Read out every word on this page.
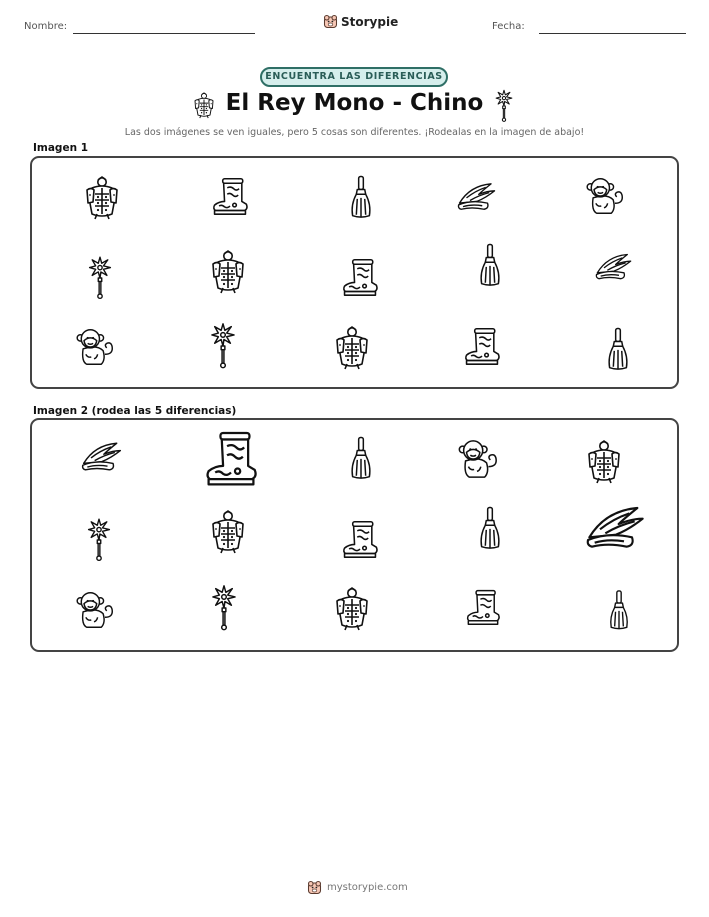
Nombre:	Storypie	Fecha:
ENCUENTRA LAS DIFERENCIAS
El Rey Mono - Chino
Las dos imágenes se ven iguales, pero 5 cosas son diferentes. ¡Rodealas en la imagen de abajo!
Imagen 1
Imagen 2 (rodea las 5 diferencias)
mystorypie.com
